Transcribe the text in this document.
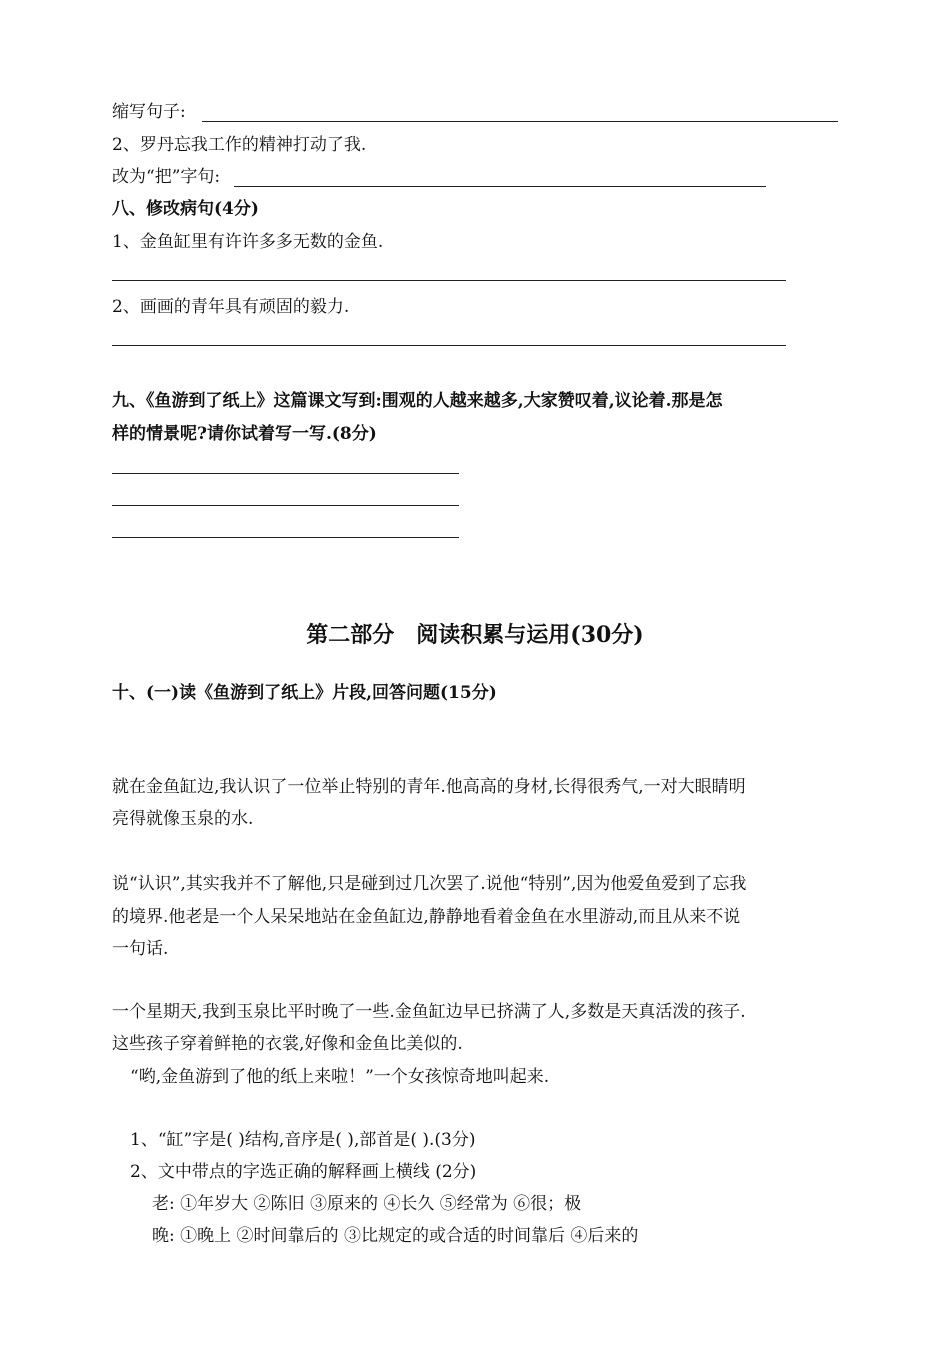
缩写句子:
2、罗丹忘我工作的精神打动了我.
改为“把”字句:
八、修改病句(4分)
1、金鱼缸里有许许多多无数的金鱼.
2、画画的青年具有顽固的毅力.
九、《鱼游到了纸上》这篇课文写到:围观的人越来越多,大家赞叹着,议论着.那是怎
样的情景呢?请你试着写一写.(8分)
第二部分　阅读积累与运用(30分)
十、(一)读《鱼游到了纸上》片段,回答问题(15分)
就在金鱼缸边,我认识了一位举止特别的青年.他高高的身材,长得很秀气,一对大眼睛明
亮得就像玉泉的水.
说“认识”,其实我并不了解他,只是碰到过几次罢了.说他“特别”,因为他爱鱼爱到了忘我
的境界.他老是一个人呆呆地站在金鱼缸边,静静地看着金鱼在水里游动,而且从来不说
一句话.
一个星期天,我到玉泉比平时晚了一些.金鱼缸边早已挤满了人,多数是天真活泼的孩子.
这些孩子穿着鲜艳的衣裳,好像和金鱼比美似的.
“哟,金鱼游到了他的纸上来啦！”一个女孩惊奇地叫起来.
1、“缸”字是( )结构,音序是( ),部首是( ).(3分)
2、文中带点的字选正确的解释画上横线 (2分)
老: ①年岁大 ②陈旧 ③原来的 ④长久 ⑤经常为 ⑥很；极
晚: ①晚上 ②时间靠后的 ③比规定的或合适的时间靠后 ④后来的
